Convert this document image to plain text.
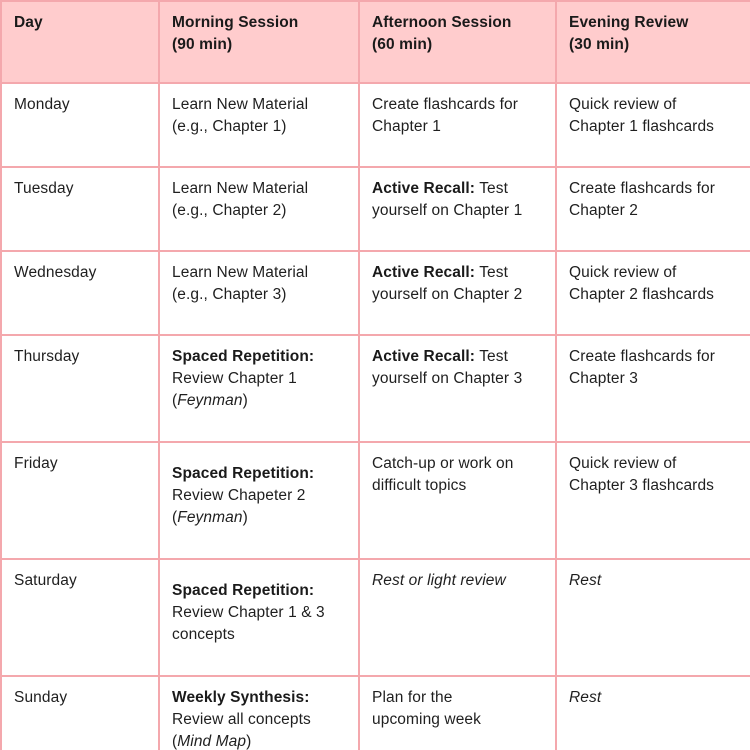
Day	Morning Session
(90 min)	Afternoon Session
(60 min)	Evening Review
(30 min)

Monday	Learn New Material
(e.g., Chapter 1)	Create flashcards for
Chapter 1	Quick review of
Chapter 1 flashcards

Tuesday	Learn New Material
(e.g., Chapter 2)	Active Recall: Test
yourself on Chapter 1	Create flashcards for
Chapter 2

Wednesday	Learn New Material
(e.g., Chapter 3)	Active Recall: Test
yourself on Chapter 2	Quick review of
Chapter 2 flashcards

Thursday	Spaced Repetition:
Review Chapter 1
(Feynman)	Active Recall: Test
yourself on Chapter 3	Create flashcards for
Chapter 3

Friday	Spaced Repetition:
Review Chapeter 2
(Feynman)	Catch-up or work on
difficult topics	Quick review of
Chapter 3 flashcards

Saturday	Spaced Repetition:
Review Chapter 1 & 3
concepts	Rest or light review	Rest

Sunday	Weekly Synthesis:
Review all concepts
(Mind Map)	Plan for the
upcoming week	Rest
